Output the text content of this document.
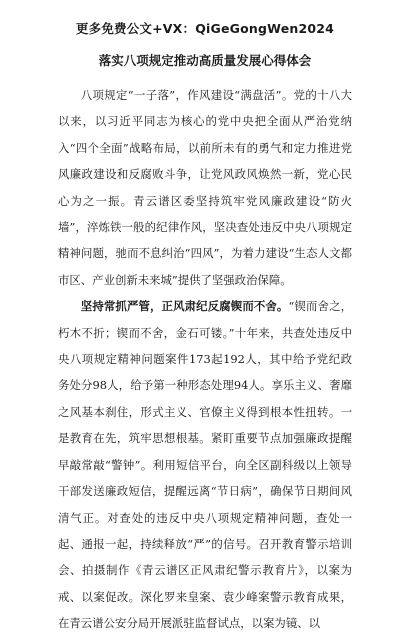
更多免费公文+VX：QiGeGongWen2024
落实八项规定推动高质量发展心得体会

八项规定“一子落”，作风建设“满盘活”。党的十八大以来，以习近平同志为核心的党中央把全面从严治党纳入“四个全面”战略布局，以前所未有的勇气和定力推进党风廉政建设和反腐败斗争，让党风政风焕然一新，党心民心为之一振。青云谱区委坚持筑牢党风廉政建设“防火墙”，淬炼铁一般的纪律作风，坚决查处违反中央八项规定精神问题，驰而不息纠治“四风”，为着力建设“生态人文都市区、产业创新未来城”提供了坚强政治保障。

坚持常抓严管，正风肃纪反腐锲而不舍。“锲而舍之，朽木不折；锲而不舍，金石可镂。”十年来，共查处违反中央八项规定精神问题案件173起192人，其中给予党纪政务处分98人，给予第一种形态处理94人。享乐主义、奢靡之风基本刹住，形式主义、官僚主义得到根本性扭转。一是教育在先，筑牢思想根基。紧盯重要节点加强廉政提醒早敲常敲“警钟”。利用短信平台，向全区副科级以上领导干部发送廉政短信，提醒远离“节日病”，确保节日期间风清气正。对查处的违反中央八项规定精神问题，查处一起、通报一起，持续释放“严”的信号。召开教育警示培训会、拍摄制作《青云谱区正风肃纪警示教育片》，以案为戒、以案促改。深化罗来皇案、袁少峰案警示教育成果，在青云谱公安分局开展派驻监督试点，以案为镜、以
